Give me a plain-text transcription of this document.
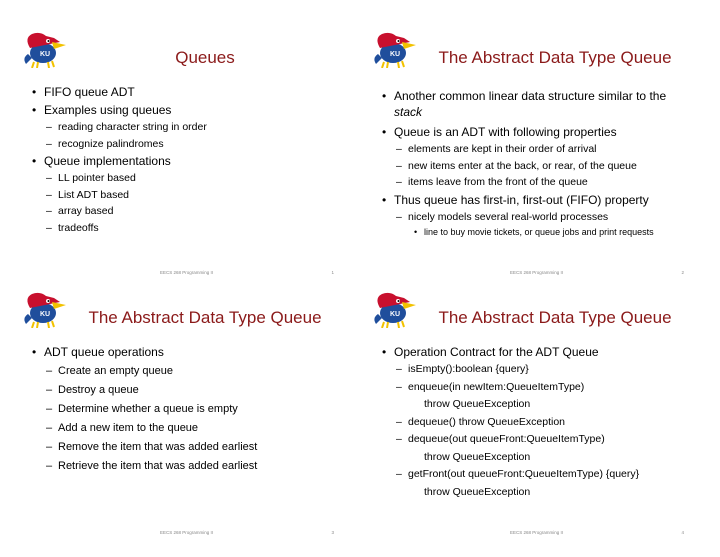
KU	Queues
• FIFO queue ADT
• Examples using queues
– reading character string in order
– recognize palindromes
• Queue implementations
– LL pointer based
– List ADT based
– array based
– tradeoffs
EECS 268 Programming II	1
KU	The Abstract Data Type Queue
• Another common linear data structure similar to the stack
• Queue is an ADT with following properties
– elements are kept in their order of arrival
– new items enter at the back, or rear, of the queue
– items leave from the front of the queue
• Thus queue has first-in, first-out (FIFO) property
– nicely models several real-world processes
• line to buy movie tickets, or queue jobs and print requests
EECS 268 Programming II	2
KU	The Abstract Data Type Queue
• ADT queue operations
– Create an empty queue
– Destroy a queue
– Determine whether a queue is empty
– Add a new item to the queue
– Remove the item that was added earliest
– Retrieve the item that was added earliest
EECS 268 Programming II	3
KU	The Abstract Data Type Queue
• Operation Contract for the ADT Queue
– isEmpty():boolean {query}
– enqueue(in newItem:QueueItemType)
throw QueueException
– dequeue() throw QueueException
– dequeue(out queueFront:QueueItemType)
throw QueueException
– getFront(out queueFront:QueueItemType) {query}
throw QueueException
EECS 268 Programming II	4
